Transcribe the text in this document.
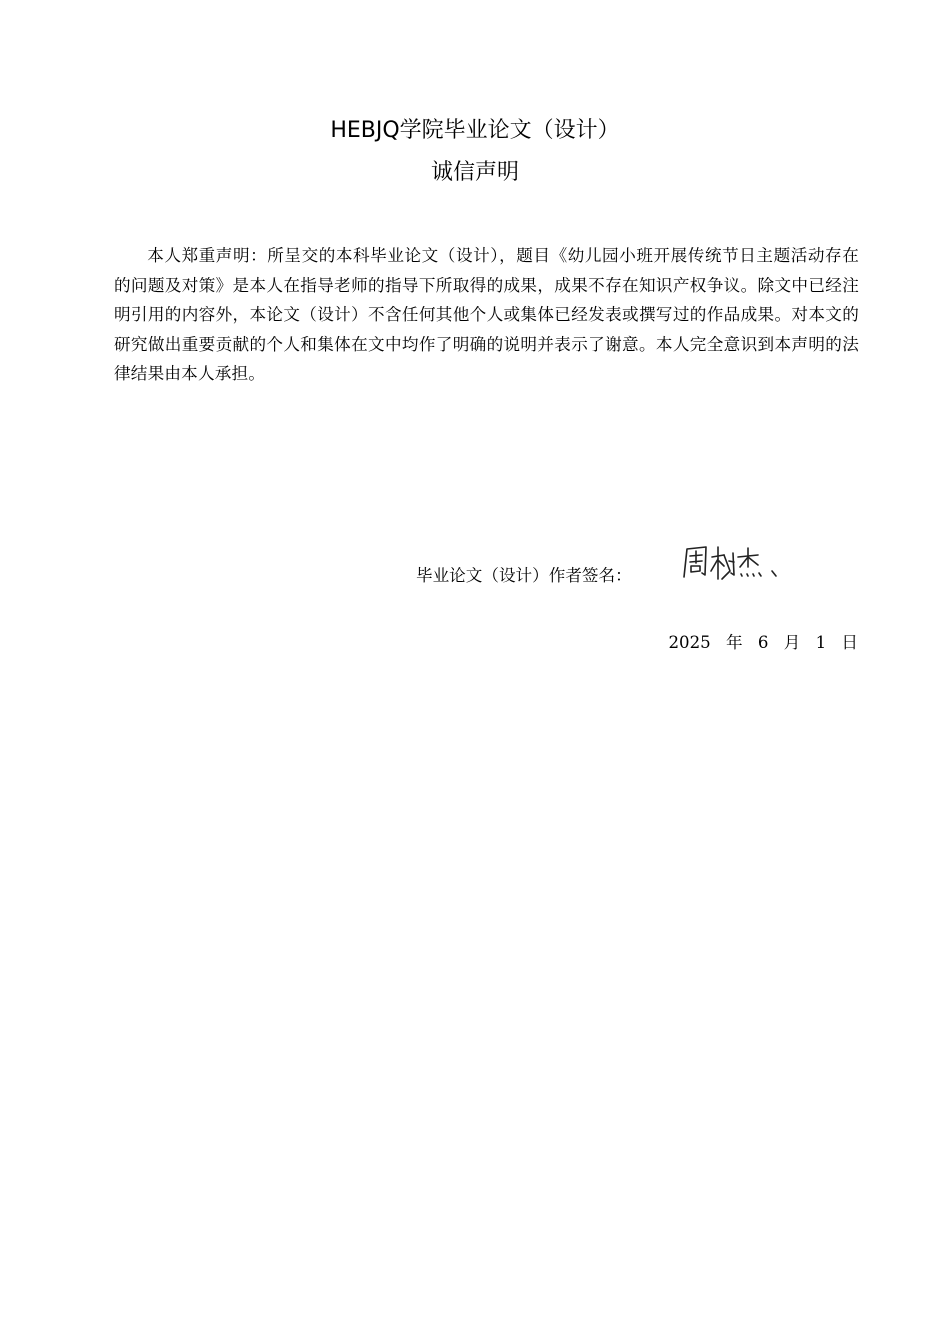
HEBJQ学院毕业论文（设计）
诚信声明

本人郑重声明：所呈交的本科毕业论文（设计），题目《幼儿园小班开展传统节日主题活动存在的问题及对策》是本人在指导老师的指导下所取得的成果，成果不存在知识产权争议。除文中已经注明引用的内容外，本论文（设计）不含任何其他个人或集体已经发表或撰写过的作品成果。对本文的研究做出重要贡献的个人和集体在文中均作了明确的说明并表示了谢意。本人完全意识到本声明的法律结果由本人承担。

毕业论文（设计）作者签名：
2025 年 6 月 1 日
